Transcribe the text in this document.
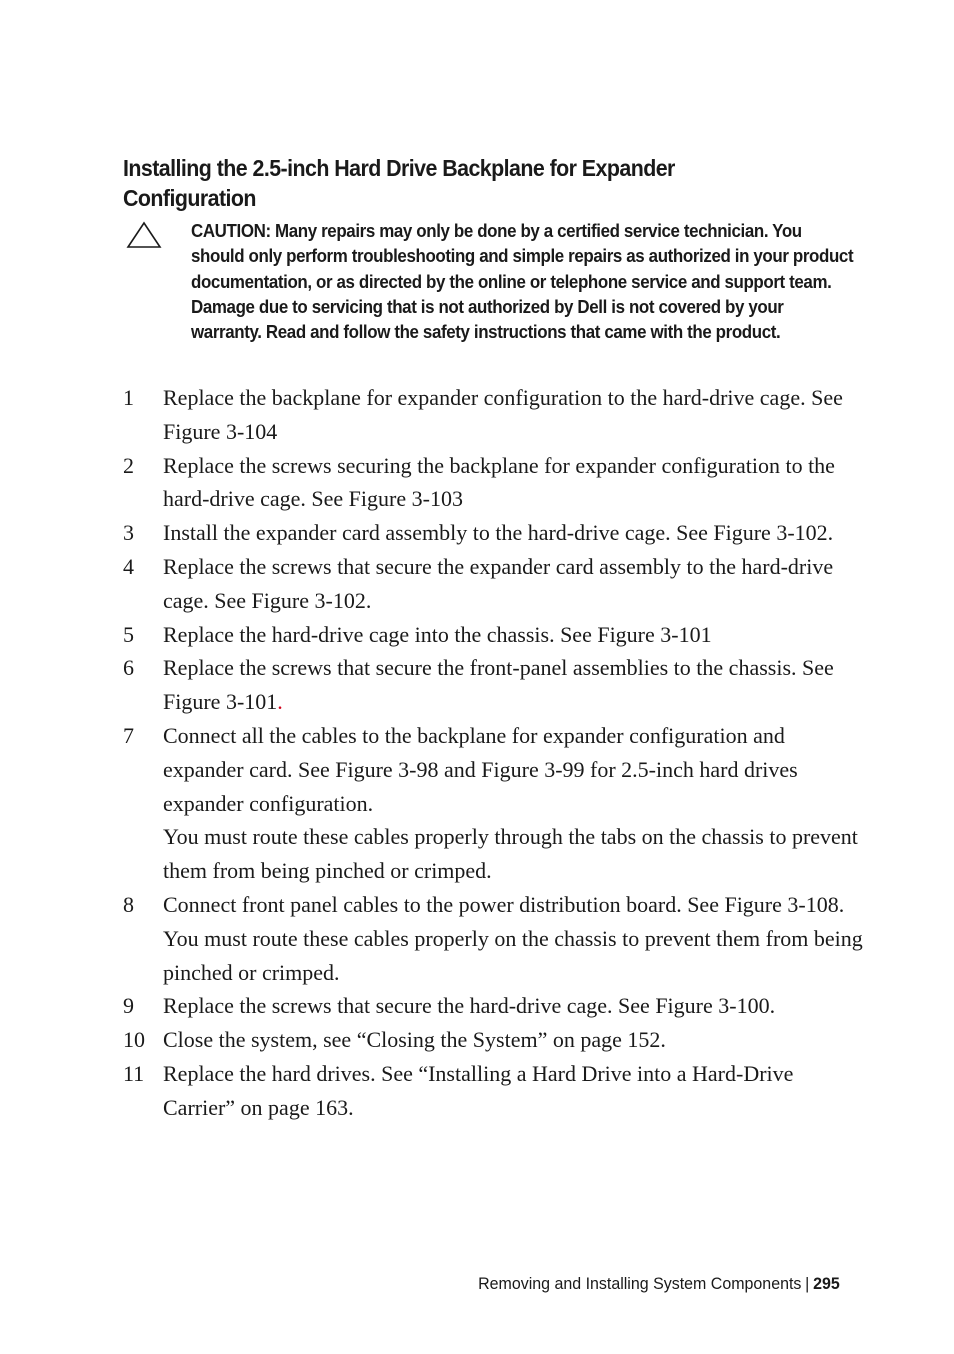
Installing the 2.5-inch Hard Drive Backplane for Expander Configuration

CAUTION: Many repairs may only be done by a certified service technician. You should only perform troubleshooting and simple repairs as authorized in your product documentation, or as directed by the online or telephone service and support team. Damage due to servicing that is not authorized by Dell is not covered by your warranty. Read and follow the safety instructions that came with the product.

1 Replace the backplane for expander configuration to the hard-drive cage. See Figure 3-104
2 Replace the screws securing the backplane for expander configuration to the hard-drive cage. See Figure 3-103
3 Install the expander card assembly to the hard-drive cage. See Figure 3-102.
4 Replace the screws that secure the expander card assembly to the hard-drive cage. See Figure 3-102.
5 Replace the hard-drive cage into the chassis. See Figure 3-101
6 Replace the screws that secure the front-panel assemblies to the chassis. See Figure 3-101.
7 Connect all the cables to the backplane for expander configuration and expander card. See Figure 3-98 and Figure 3-99 for 2.5-inch hard drives expander configuration.
You must route these cables properly through the tabs on the chassis to prevent them from being pinched or crimped.
8 Connect front panel cables to the power distribution board. See Figure 3-108. You must route these cables properly on the chassis to prevent them from being pinched or crimped.
9 Replace the screws that secure the hard-drive cage. See Figure 3-100.
10 Close the system, see “Closing the System” on page 152.
11 Replace the hard drives. See “Installing a Hard Drive into a Hard-Drive Carrier” on page 163.
Removing and Installing System Components | 295
